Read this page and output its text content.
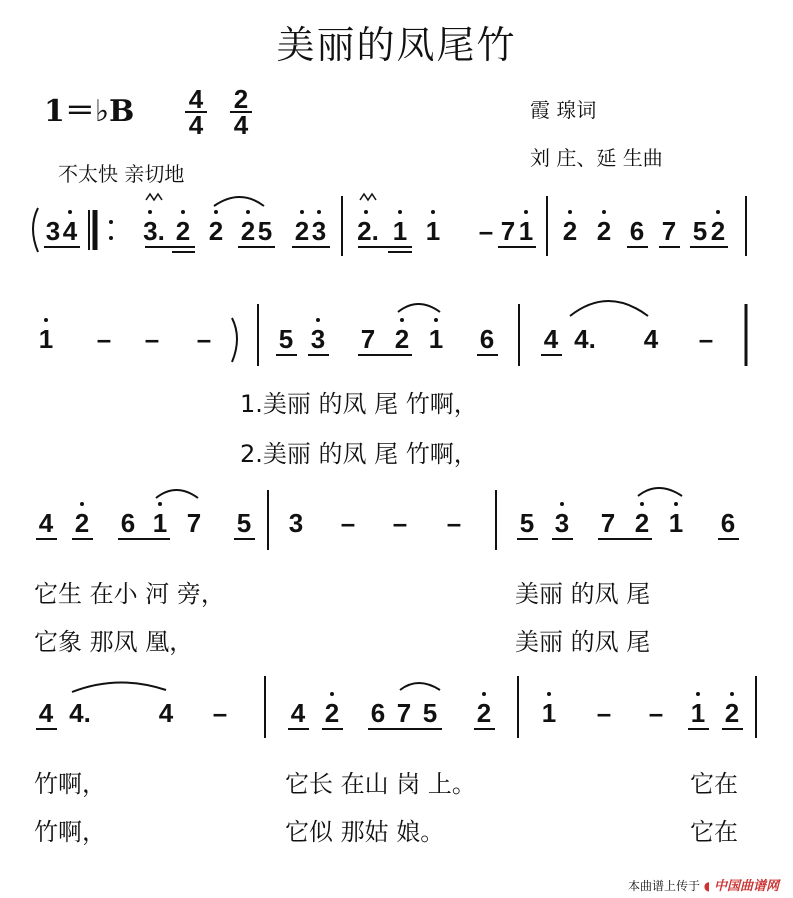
美丽的凤尾竹
1＝♭B 4
4
2
4
3 4	3. 2 2 2 5 2 3 2. 1 1 – 7 1 2 2 6 7 5 2
1 – – –	5 3 7 2 1 6 4 4. 4 –
4 2 6 1 7 5 3 – – – 5 3 7 2 1 6
4 4.	4 – 4 2 6 7 5 2 1 – – 1 2
霞 瑔词
刘 庄、延 生曲
不太快 亲切地
1.美丽 的凤 尾 竹啊，
2.美丽 的凤 尾 竹啊，
它生 在小 河 旁，	美丽 的凤 尾
它象 那凤 凰，	美丽 的凤 尾
竹啊，	它长 在山 岗 上。	它在
竹啊，	它似 那姑 娘。	它在
本曲谱上传于 ◖ 中国曲谱网
